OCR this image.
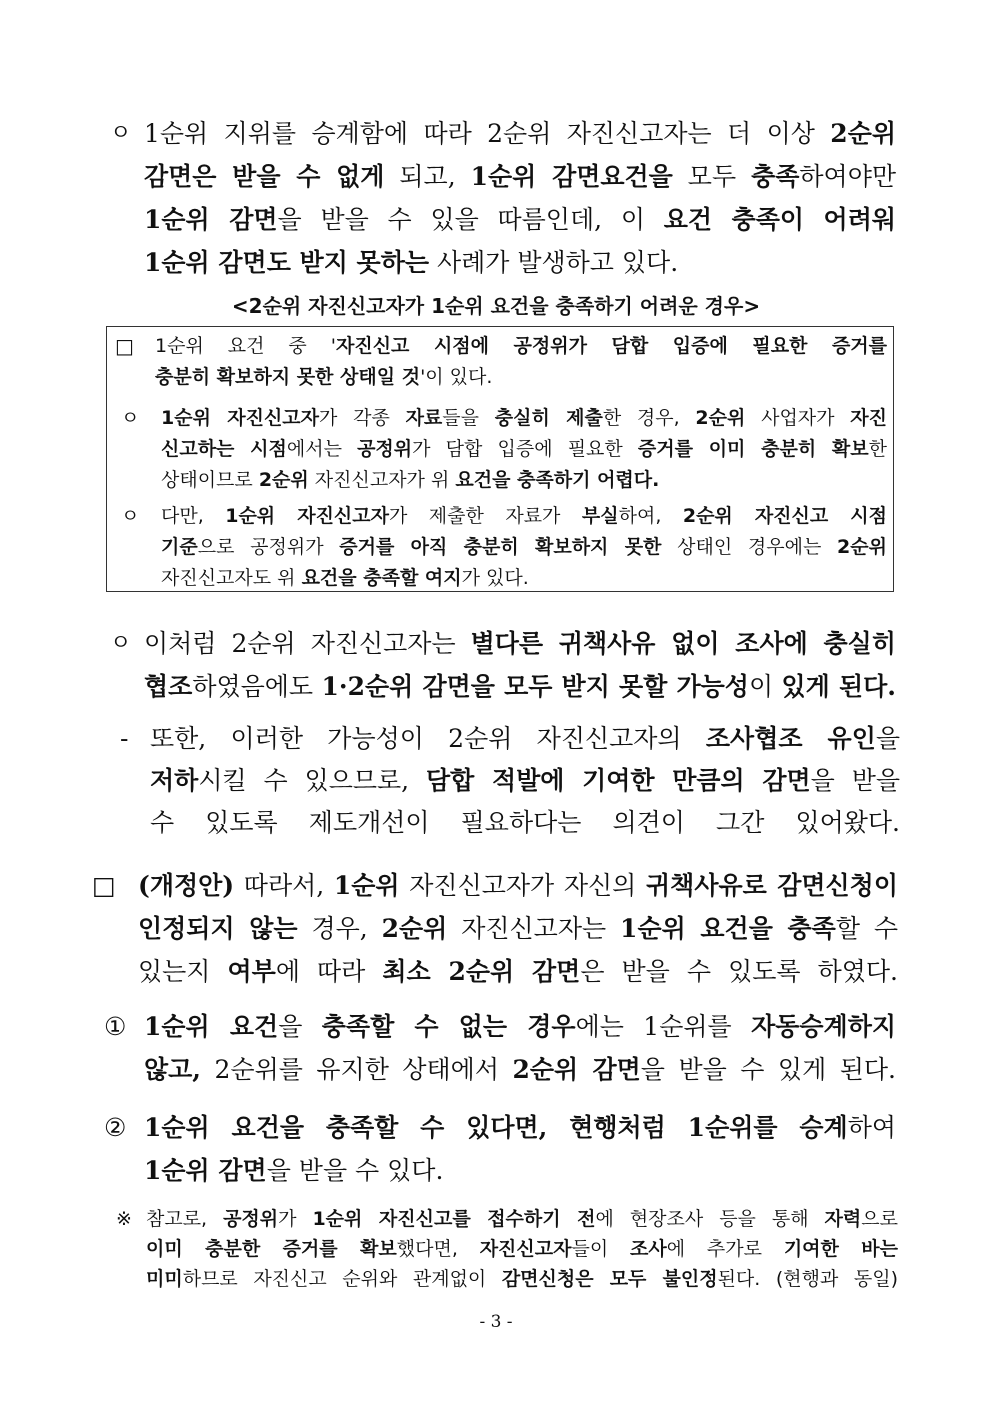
ㅇ 1순위 지위를 승계함에 따라 2순위 자진신고자는 더 이상 2순위
감면은 받을 수 없게 되고, 1순위 감면요건을 모두 충족하여야만
1순위 감면을 받을 수 있을 따름인데, 이 요건 충족이 어려워
1순위 감면도 받지 못하는 사례가 발생하고 있다.
<2순위 자진신고자가 1순위 요건을 충족하기 어려운 경우>
□ 1순위 요건 중 '자진신고 시점에 공정위가 담합 입증에 필요한 증거를
충분히 확보하지 못한 상태일 것'이 있다.
ㅇ 1순위 자진신고자가 각종 자료들을 충실히 제출한 경우, 2순위 사업자가 자진
신고하는 시점에서는 공정위가 담합 입증에 필요한 증거를 이미 충분히 확보한
상태이므로 2순위 자진신고자가 위 요건을 충족하기 어렵다.
ㅇ 다만, 1순위 자진신고자가 제출한 자료가 부실하여, 2순위 자진신고 시점
기준으로 공정위가 증거를 아직 충분히 확보하지 못한 상태인 경우에는 2순위
자진신고자도 위 요건을 충족할 여지가 있다.
ㅇ 이처럼 2순위 자진신고자는 별다른 귀책사유 없이 조사에 충실히
협조하였음에도 1·2순위 감면을 모두 받지 못할 가능성이 있게 된다.
- 또한, 이러한 가능성이 2순위 자진신고자의 조사협조 유인을
저하시킬 수 있으므로, 담합 적발에 기여한 만큼의 감면을 받을
수 있도록 제도개선이 필요하다는 의견이 그간 있어왔다.
□ (개정안) 따라서, 1순위 자진신고자가 자신의 귀책사유로 감면신청이
인정되지 않는 경우, 2순위 자진신고자는 1순위 요건을 충족할 수
있는지 여부에 따라 최소 2순위 감면은 받을 수 있도록 하였다.
① 1순위 요건을 충족할 수 없는 경우에는 1순위를 자동승계하지
않고, 2순위를 유지한 상태에서 2순위 감면을 받을 수 있게 된다.
② 1순위 요건을 충족할 수 있다면, 현행처럼 1순위를 승계하여
1순위 감면을 받을 수 있다.
※ 참고로, 공정위가 1순위 자진신고를 접수하기 전에 현장조사 등을 통해 자력으로
이미 충분한 증거를 확보했다면, 자진신고자들이 조사에 추가로 기여한 바는
미미하므로 자진신고 순위와 관계없이 감면신청은 모두 불인정된다. (현행과 동일)
- 3 -
